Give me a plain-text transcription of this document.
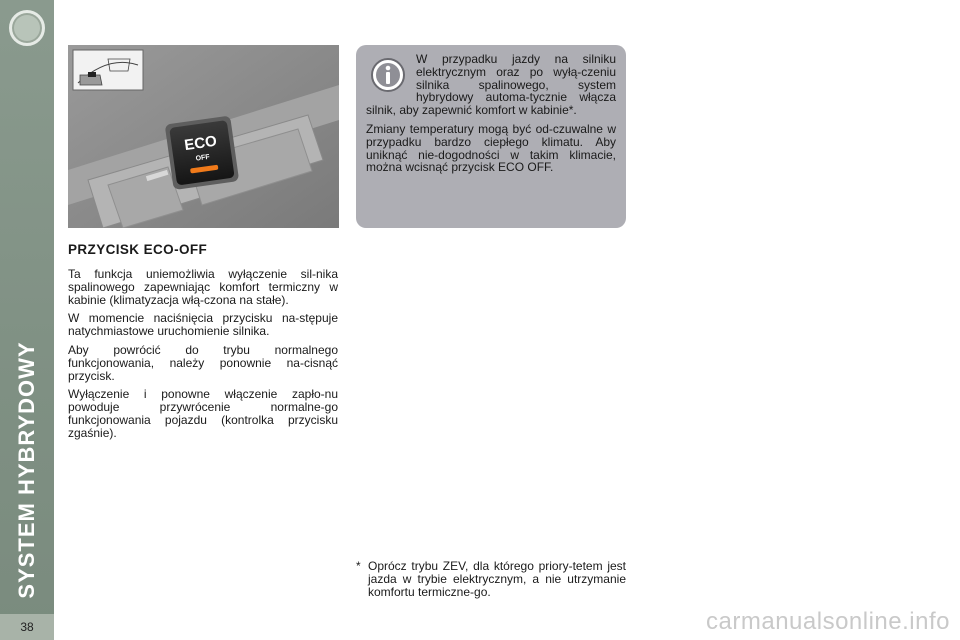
SYSTEM HYBRYDOWY
38
ECO
OFF

W przypadku jazdy na silniku elektrycznym oraz po wyłą-czeniu silnika spalinowego, system hybrydowy automa-tycznie włącza silnik, aby zapewnić komfort w kabinie*.

Zmiany temperatury mogą być od-czuwalne w przypadku bardzo ciepłego klimatu. Aby uniknąć nie-dogodności w takim klimacie, można wcisnąć przycisk ECO OFF.

PRZYCISK ECO-OFF

Ta funkcja uniemożliwia wyłączenie sil-nika spalinowego zapewniając komfort termiczny w kabinie (klimatyzacja włą-czona na stałe).

W momencie naciśnięcia przycisku na-stępuje natychmiastowe uruchomienie silnika.

Aby powrócić do trybu normalnego funkcjonowania, należy ponownie na-cisnąć przycisk.

Wyłączenie i ponowne włączenie zapło-nu powoduje przywrócenie normalne-go funkcjonowania pojazdu (kontrolka przycisku zgaśnie).

* Oprócz trybu ZEV, dla którego priory-tetem jest jazda w trybie elektrycznym, a nie utrzymanie komfortu termiczne-go.
carmanualsonline.info
